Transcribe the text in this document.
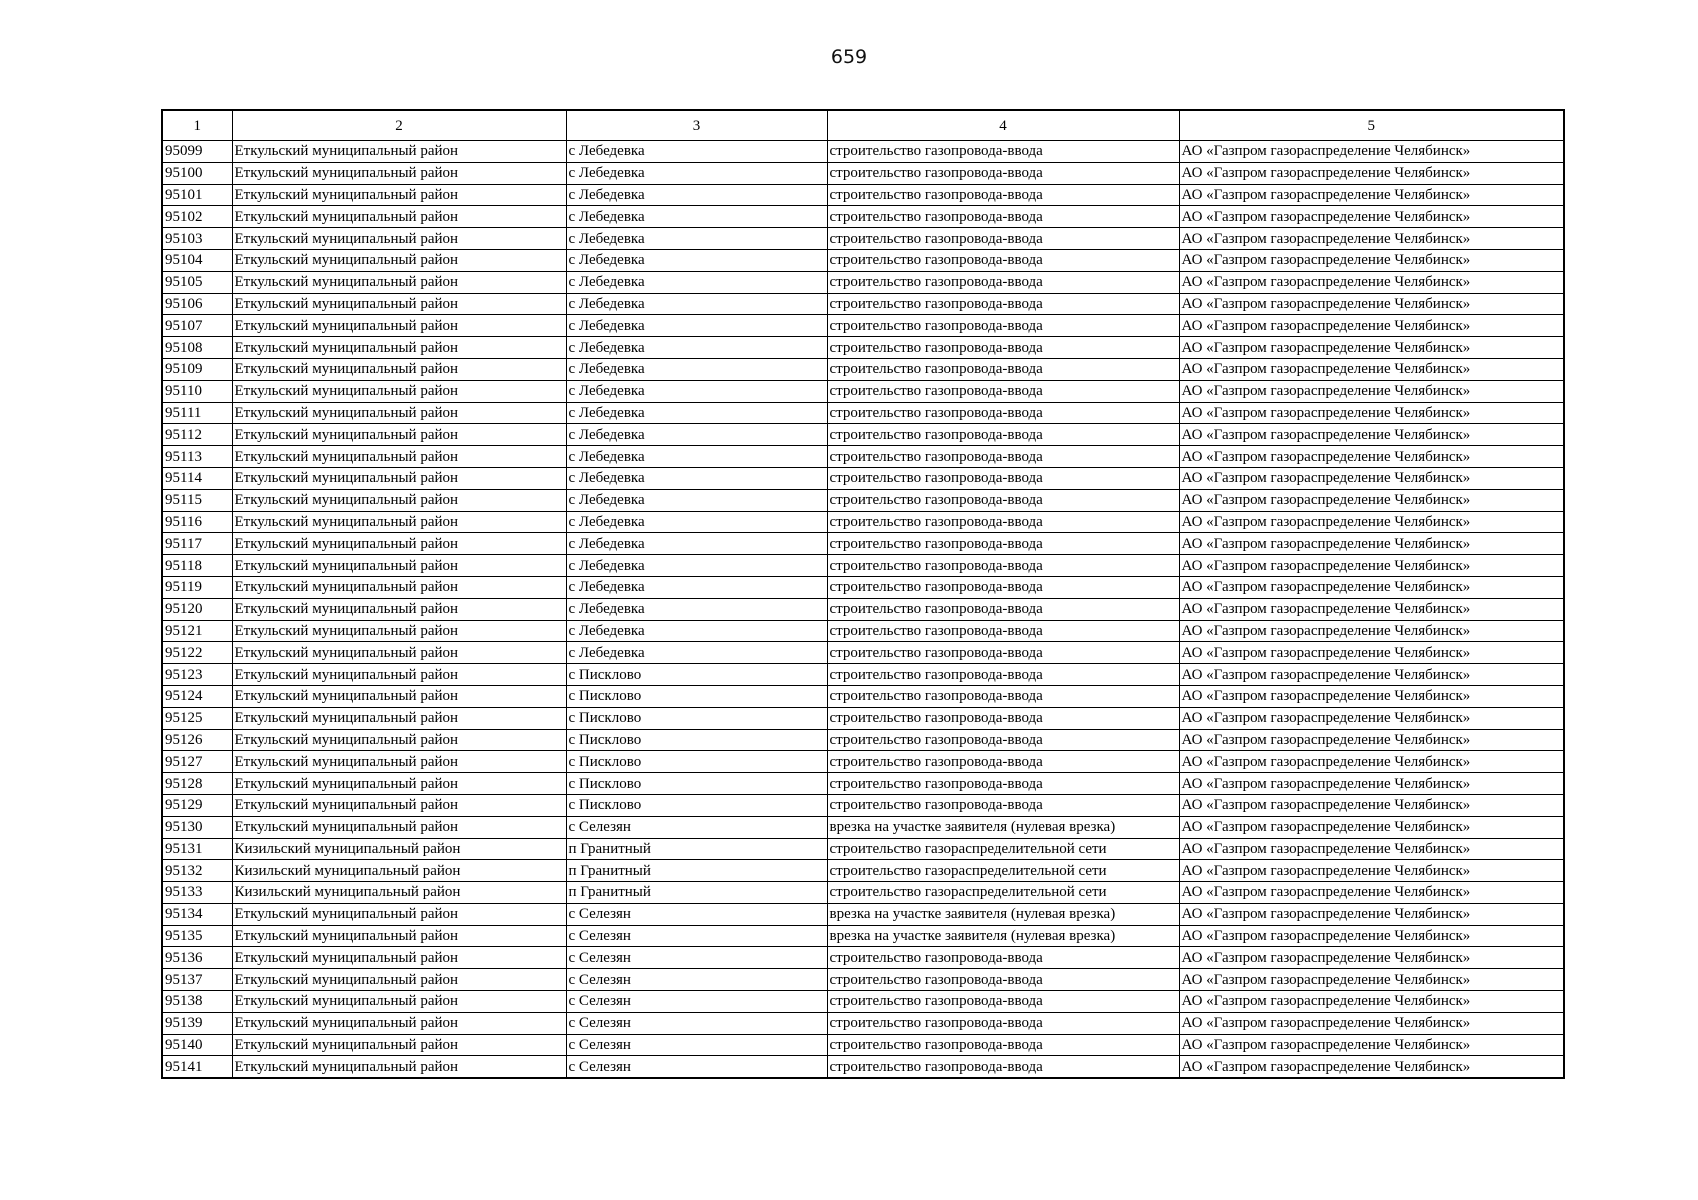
659
1	2	3	4	5
95099	Еткульский муниципальный район	с Лебедевка	строительство газопровода-ввода	АО «Газпром газораспределение Челябинск»
95100	Еткульский муниципальный район	с Лебедевка	строительство газопровода-ввода	АО «Газпром газораспределение Челябинск»
95101	Еткульский муниципальный район	с Лебедевка	строительство газопровода-ввода	АО «Газпром газораспределение Челябинск»
95102	Еткульский муниципальный район	с Лебедевка	строительство газопровода-ввода	АО «Газпром газораспределение Челябинск»
95103	Еткульский муниципальный район	с Лебедевка	строительство газопровода-ввода	АО «Газпром газораспределение Челябинск»
95104	Еткульский муниципальный район	с Лебедевка	строительство газопровода-ввода	АО «Газпром газораспределение Челябинск»
95105	Еткульский муниципальный район	с Лебедевка	строительство газопровода-ввода	АО «Газпром газораспределение Челябинск»
95106	Еткульский муниципальный район	с Лебедевка	строительство газопровода-ввода	АО «Газпром газораспределение Челябинск»
95107	Еткульский муниципальный район	с Лебедевка	строительство газопровода-ввода	АО «Газпром газораспределение Челябинск»
95108	Еткульский муниципальный район	с Лебедевка	строительство газопровода-ввода	АО «Газпром газораспределение Челябинск»
95109	Еткульский муниципальный район	с Лебедевка	строительство газопровода-ввода	АО «Газпром газораспределение Челябинск»
95110	Еткульский муниципальный район	с Лебедевка	строительство газопровода-ввода	АО «Газпром газораспределение Челябинск»
95111	Еткульский муниципальный район	с Лебедевка	строительство газопровода-ввода	АО «Газпром газораспределение Челябинск»
95112	Еткульский муниципальный район	с Лебедевка	строительство газопровода-ввода	АО «Газпром газораспределение Челябинск»
95113	Еткульский муниципальный район	с Лебедевка	строительство газопровода-ввода	АО «Газпром газораспределение Челябинск»
95114	Еткульский муниципальный район	с Лебедевка	строительство газопровода-ввода	АО «Газпром газораспределение Челябинск»
95115	Еткульский муниципальный район	с Лебедевка	строительство газопровода-ввода	АО «Газпром газораспределение Челябинск»
95116	Еткульский муниципальный район	с Лебедевка	строительство газопровода-ввода	АО «Газпром газораспределение Челябинск»
95117	Еткульский муниципальный район	с Лебедевка	строительство газопровода-ввода	АО «Газпром газораспределение Челябинск»
95118	Еткульский муниципальный район	с Лебедевка	строительство газопровода-ввода	АО «Газпром газораспределение Челябинск»
95119	Еткульский муниципальный район	с Лебедевка	строительство газопровода-ввода	АО «Газпром газораспределение Челябинск»
95120	Еткульский муниципальный район	с Лебедевка	строительство газопровода-ввода	АО «Газпром газораспределение Челябинск»
95121	Еткульский муниципальный район	с Лебедевка	строительство газопровода-ввода	АО «Газпром газораспределение Челябинск»
95122	Еткульский муниципальный район	с Лебедевка	строительство газопровода-ввода	АО «Газпром газораспределение Челябинск»
95123	Еткульский муниципальный район	с Пискловo	строительство газопровода-ввода	АО «Газпром газораспределение Челябинск»
95124	Еткульский муниципальный район	с Пискловo	строительство газопровода-ввода	АО «Газпром газораспределение Челябинск»
95125	Еткульский муниципальный район	с Пискловo	строительство газопровода-ввода	АО «Газпром газораспределение Челябинск»
95126	Еткульский муниципальный район	с Пискловo	строительство газопровода-ввода	АО «Газпром газораспределение Челябинск»
95127	Еткульский муниципальный район	с Пискловo	строительство газопровода-ввода	АО «Газпром газораспределение Челябинск»
95128	Еткульский муниципальный район	с Пискловo	строительство газопровода-ввода	АО «Газпром газораспределение Челябинск»
95129	Еткульский муниципальный район	с Пискловo	строительство газопровода-ввода	АО «Газпром газораспределение Челябинск»
95130	Еткульский муниципальный район	с Селезян	врезка на участке заявителя (нулевая врезка)	АО «Газпром газораспределение Челябинск»
95131	Кизильский муниципальный район	п Гранитный	строительство газораспределительной сети	АО «Газпром газораспределение Челябинск»
95132	Кизильский муниципальный район	п Гранитный	строительство газораспределительной сети	АО «Газпром газораспределение Челябинск»
95133	Кизильский муниципальный район	п Гранитный	строительство газораспределительной сети	АО «Газпром газораспределение Челябинск»
95134	Еткульский муниципальный район	с Селезян	врезка на участке заявителя (нулевая врезка)	АО «Газпром газораспределение Челябинск»
95135	Еткульский муниципальный район	с Селезян	врезка на участке заявителя (нулевая врезка)	АО «Газпром газораспределение Челябинск»
95136	Еткульский муниципальный район	с Селезян	строительство газопровода-ввода	АО «Газпром газораспределение Челябинск»
95137	Еткульский муниципальный район	с Селезян	строительство газопровода-ввода	АО «Газпром газораспределение Челябинск»
95138	Еткульский муниципальный район	с Селезян	строительство газопровода-ввода	АО «Газпром газораспределение Челябинск»
95139	Еткульский муниципальный район	с Селезян	строительство газопровода-ввода	АО «Газпром газораспределение Челябинск»
95140	Еткульский муниципальный район	с Селезян	строительство газопровода-ввода	АО «Газпром газораспределение Челябинск»
95141	Еткульский муниципальный район	с Селезян	строительство газопровода-ввода	АО «Газпром газораспределение Челябинск»
